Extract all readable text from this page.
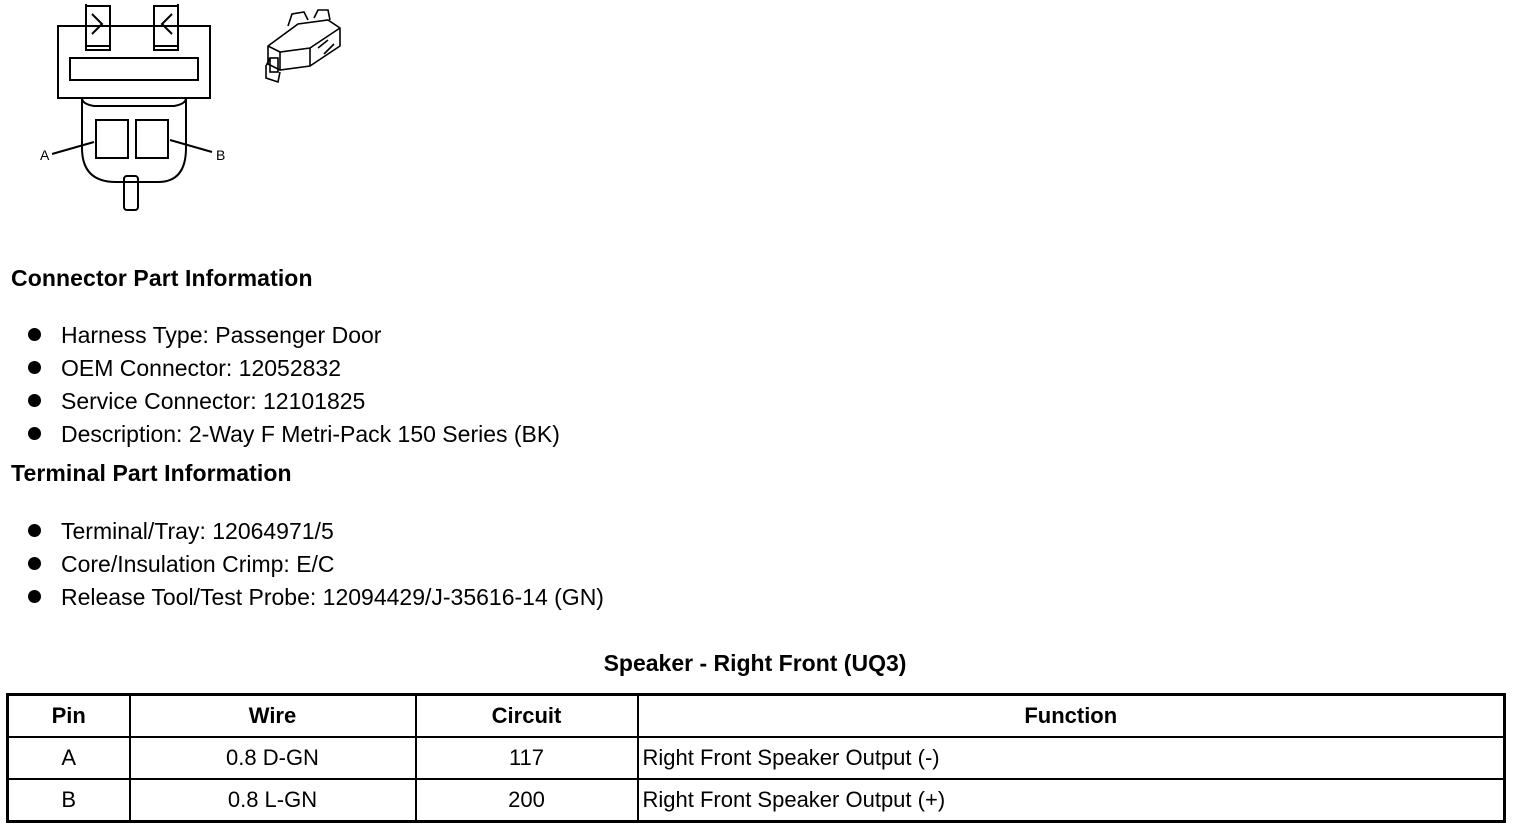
A	B
Connector Part Information
Harness Type: Passenger Door
OEM Connector: 12052832
Service Connector: 12101825
Description: 2-Way F Metri-Pack 150 Series (BK)
Terminal Part Information
Terminal/Tray: 12064971/5
Core/Insulation Crimp: E/C
Release Tool/Test Probe: 12094429/J-35616-14 (GN)
Speaker - Right Front (UQ3)
Pin	Wire	Circuit	Function
A	0.8 D-GN	117	Right Front Speaker Output (-)
B	0.8 L-GN	200	Right Front Speaker Output (+)
